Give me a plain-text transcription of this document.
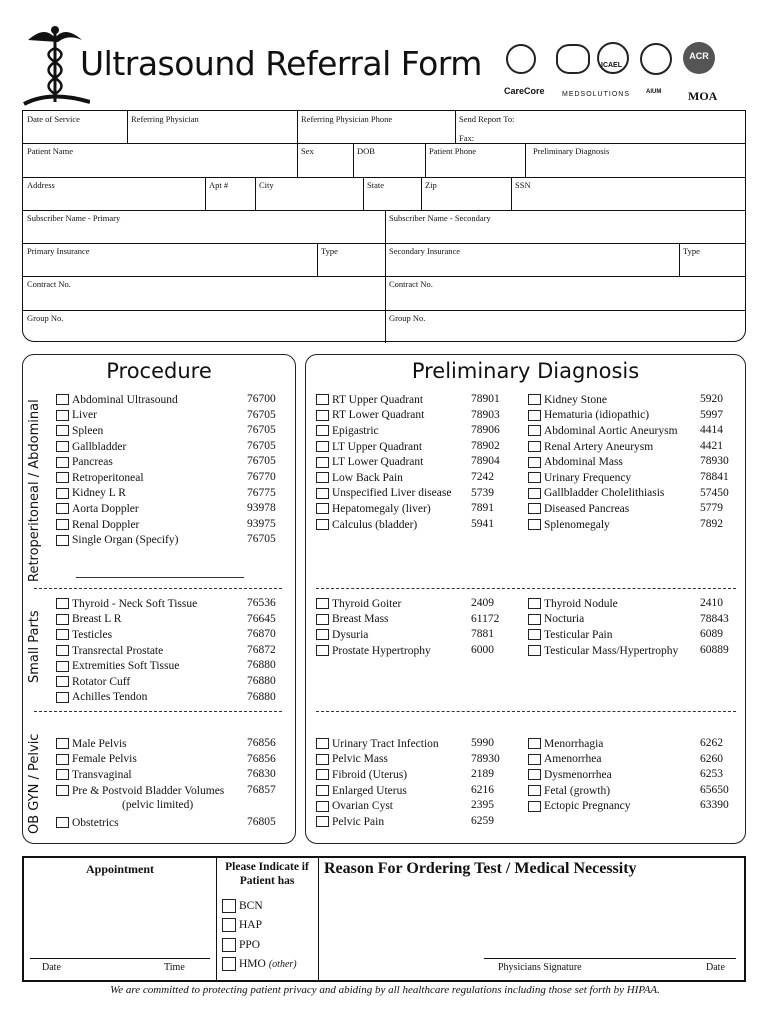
Ultrasound Referral Form	ICAEL
ACR
CareCore MEDSOLUTIONS	AIUM MOA
Date of Service	Referring Physician	Referring Physician Phone	Send Report To:
Fax:
Patient Name	Sex	DOB	Patient Phone	Preliminary Diagnosis
Address	Apt #	City	State	Zip	SSN
Subscriber Name - Primary	Subscriber Name - Secondary
Primary Insurance	Type	Secondary Insurance	Type
Contract No.	Contract No.
Group No.	Group No.
Procedure
Retroperitoneal / Abdominal
Small Parts
OB GYN / Pelvic
Preliminary Diagnosis
Appointment
Date	Time
Please Indicate if Patient has
Reason For Ordering Test / Medical Necessity
Physicians Signature	Date
BCN
HAP
PPO
HMO (other)
We are committed to protecting patient privacy and abiding by all healthcare regulations including those set forth by HIPAA.
Abdominal Ultrasound	76700
Liver	76705
Spleen	76705
Gallbladder	76705
Pancreas	76705
Retroperitoneal	76770
Kidney L R	76775
Aorta Doppler	93978
Renal Doppler	93975
Single Organ (Specify)	76705
Thyroid - Neck Soft Tissue	76536
Breast L R	76645
Testicles	76870
Transrectal Prostate	76872
Extremities Soft Tissue	76880
Rotator Cuff	76880
Achilles Tendon	76880
Male Pelvis	76856
Female Pelvis	76856
Transvaginal	76830
Pre & Postvoid Bladder Volumes 76857
Obstetrics	76805
(pelvic limited)
RT Upper Quadrant	78901
RT Lower Quadrant	78903
Epigastric	78906
LT Upper Quadrant	78902
LT Lower Quadrant	78904
Low Back Pain	7242
Unspecified Liver disease 5739
Hepatomegaly (liver)	7891
Calculus (bladder)	5941
Kidney Stone	5920
Hematuria (idiopathic)	5997
Abdominal Aortic Aneurysm 4414
Renal Artery Aneurysm	4421
Abdominal Mass	78930
Urinary Frequency	78841
Gallbladder Cholelithiasis	57450
Diseased Pancreas	5779
Splenomegaly	7892
Thyroid Goiter	2409
Breast Mass	61172
Dysuria	7881
Prostate Hypertrophy	6000
Thyroid Nodule	2410
Nocturia	78843
Testicular Pain	6089
Testicular Mass/Hypertrophy 60889
Urinary Tract Infection	5990
Pelvic Mass	78930
Fibroid (Uterus)	2189
Enlarged Uterus	6216
Ovarian Cyst	2395
Pelvic Pain	6259
Menorrhagia	6262
Amenorrhea	6260
Dysmenorrhea	6253
Fetal (growth)	65650
Ectopic Pregnancy	63390
